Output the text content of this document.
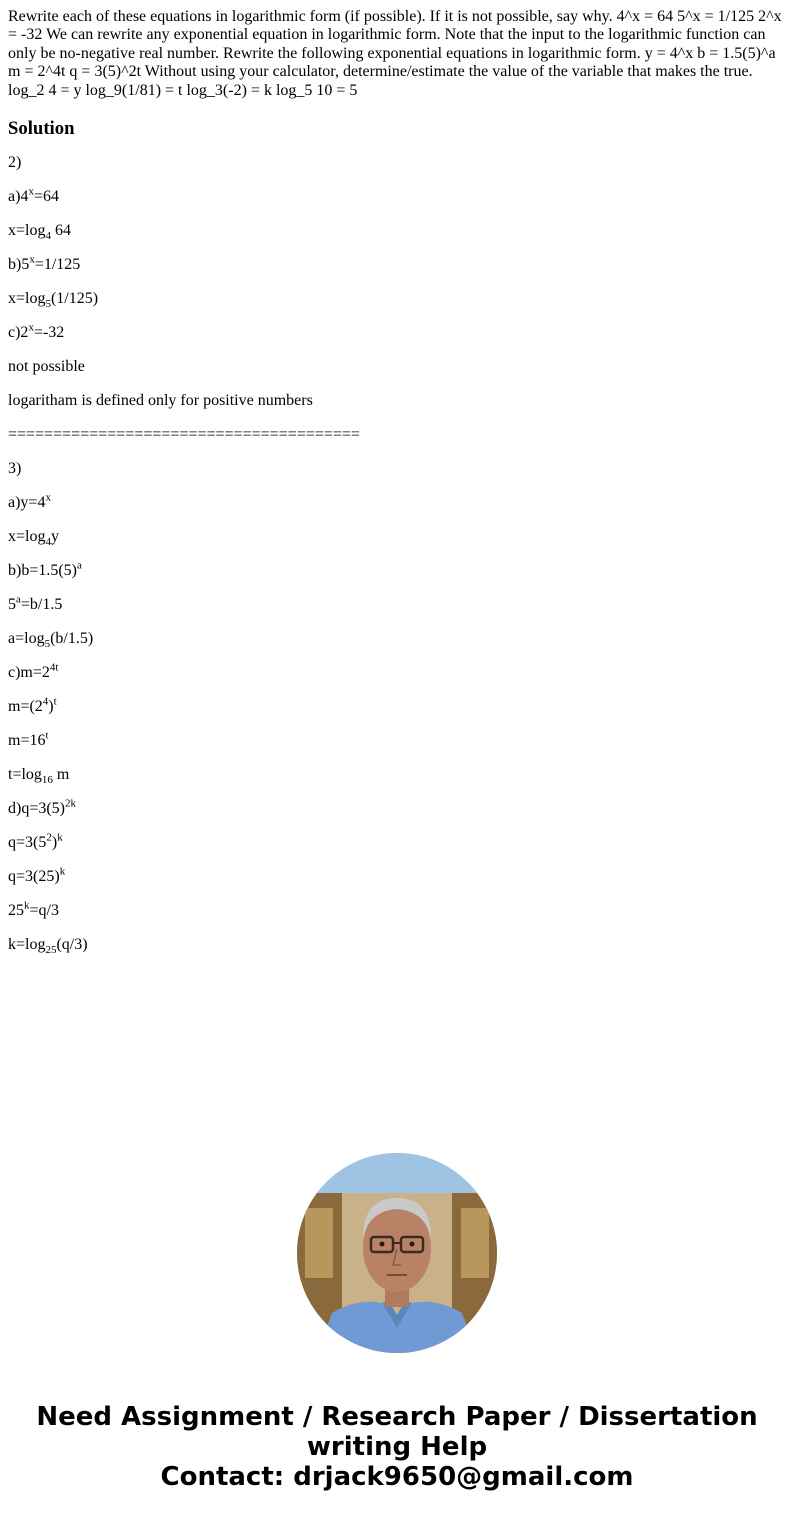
Rewrite each of these equations in logarithmic form (if possible). If it is not possible, say why. 4^x = 64 5^x = 1/125 2^x = -32 We can rewrite any exponential equation in logarithmic form. Note that the input to the logarithmic function can only be no-negative real number. Rewrite the following exponential equations in logarithmic form. y = 4^x b = 1.5(5)^a m = 2^4t q = 3(5)^2t Without using your calculator, determine/estimate the value of the variable that makes the true. log_2 4 = y log_9(1/81) = t log_3(-2) = k log_5 10 = 5

Solution

2)

$a)4^x=64$

$x=\log_4$ 64

$b)5^x=1/125$

$x=\log_5(1/125)$

$c)2^x=-32$

not possible

logaritham is defined only for positive numbers

=======================================

3)

$a)y=4^x$

$x=\log_4y$

$b)b=1.5(5)^a$

$5^a=b/1.5$

$a=\log_5(b/1.5)$

$c)m=2^{4t}$

$m=(2^4)^t$

$m=16^t$

$t=\log_{16}$ m

$d)q=3(5)^{2k}$

$q=3(5^2)^k$

$q=3(25)^k$

$25^k=q/3$

$k=\log_{25}(q/3)$

Need Assignment / Research Paper / Dissertation
writing Help
Contact: drjack9650@gmail.com
